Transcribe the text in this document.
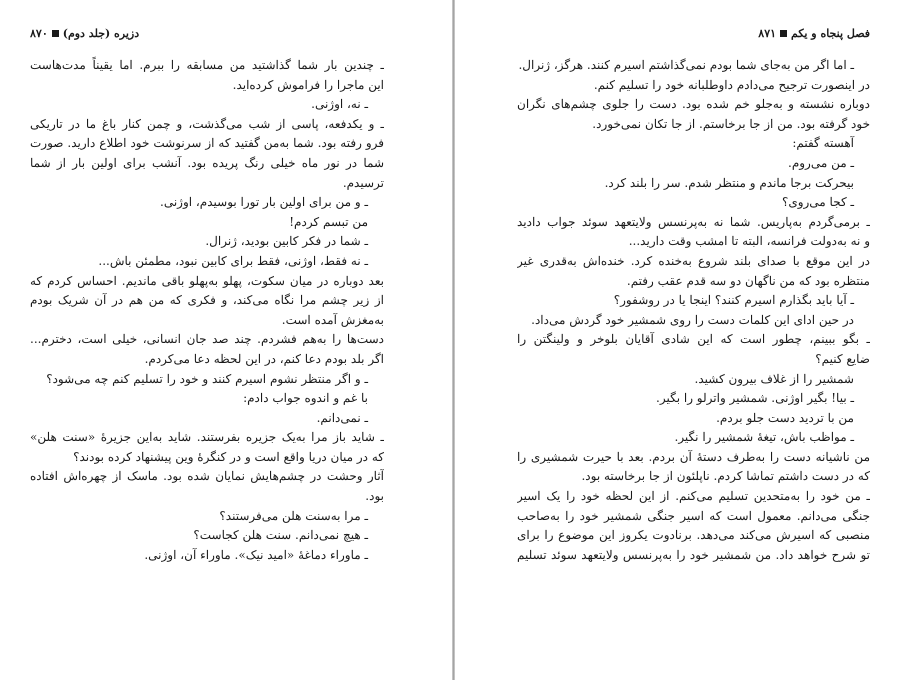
دزیره (جلد دوم)
۸۷۰
ـ چندین بار شما گذاشتید من مسابقه را ببرم. اما یقیناً مدت‌هاست
این ماجرا را فراموش کرده‌اید.
ـ نه، اوژنی.
ـ و یکدفعه، پاسی از شب می‌گذشت، و چمن کنار باغ ما در تاریکی
فرو رفته بود. شما به‌من گفتید که از سرنوشت خود اطلاع دارید. صورت
شما در نور ماه خیلی رنگ پریده بود. آنشب برای اولین بار از شما
ترسیدم.
ـ و من برای اولین بار تورا بوسیدم، اوژنی.
من تبسم کردم!
ـ شما در فکر کابین بودید، ژنرال.
ـ نه فقط، اوژنی، فقط برای کابین نبود، مطمئن باش...
بعد دوباره در میان سکوت، پهلو به‌پهلو باقی ماندیم. احساس کردم که
از زیر چشم مرا نگاه می‌کند، و فکری که من هم در آن شریک بودم
به‌مغزش آمده است.
دست‌ها را به‌هم فشردم. چند صد جان انسانی، خیلی است، دخترم...
اگر بلد بودم دعا کنم، در این لحظه دعا می‌کردم.
ـ و اگر منتظر نشوم اسیرم کنند و خود را تسلیم کنم چه می‌شود؟
با غم و اندوه جواب دادم:
ـ نمی‌دانم.
ـ شاید باز مرا به‌یک جزیره بفرستند. شاید به‌این جزیرهٔ «سنت هلن»
که در میان دریا واقع است و در کنگرهٔ وین پیشنهاد کرده بودند؟
آثار وحشت در چشم‌هایش نمایان شده بود. ماسک از چهره‌اش افتاده
بود.
ـ مرا به‌سنت هلن می‌فرستند؟
ـ هیچ نمی‌دانم. سنت هلن کجاست؟
ـ ماوراء دماغهٔ «امید نیک». ماوراء آن، اوژنی.
فصل پنجاه و یکم
۸۷۱
ـ اما اگر من به‌جای شما بودم نمی‌گذاشتم اسیرم کنند. هرگز، ژنرال.
در اینصورت ترجیح می‌دادم داوطلبانه خود را تسلیم کنم.
دوباره نشسته و به‌جلو خم شده بود. دست را جلوی چشم‌های نگران
خود گرفته بود. من از جا برخاستم. از جا تکان نمی‌خورد.
آهسته گفتم:
ـ من می‌روم.
بیحرکت برجا ماندم و منتظر شدم. سر را بلند کرد.
ـ کجا می‌روی؟
ـ برمی‌گردم به‌پاریس. شما نه به‌پرنسس ولایتعهد سوئد جواب دادید
و نه به‌دولت فرانسه، البته تا امشب وقت دارید...
در این موقع با صدای بلند شروع به‌خنده کرد. خنده‌اش به‌قدری غیر
منتظره بود که من ناگهان دو سه قدم عقب رفتم.
ـ آیا باید بگذارم اسیرم کنند؟ اینجا یا در روشفور؟
در حین ادای این کلمات دست را روی شمشیر خود گردش می‌داد.
ـ بگو ببینم، چطور است که این شادی آقایان بلوخر و ولینگتن را
ضایع کنیم؟
شمشیر را از غلاف بیرون کشید.
ـ بیا! بگیر اوژنی. شمشیر واترلو را بگیر.
من با تردید دست جلو بردم.
ـ مواظب باش، تیغهٔ شمشیر را نگیر.
من ناشیانه دست را به‌طرف دستهٔ آن بردم. بعد با حیرت شمشیری را
که در دست داشتم تماشا کردم. ناپلئون از جا برخاسته بود.
ـ من خود را به‌متحدین تسلیم می‌کنم. از این لحظه خود را یک اسیر
جنگی می‌دانم. معمول است که اسیر جنگی شمشیر خود را به‌صاحب
منصبی که اسیرش می‌کند می‌دهد. برنادوت یکروز این موضوع را برای
تو شرح خواهد داد. من شمشیر خود را به‌پرنسس ولایتعهد سوئد تسلیم
